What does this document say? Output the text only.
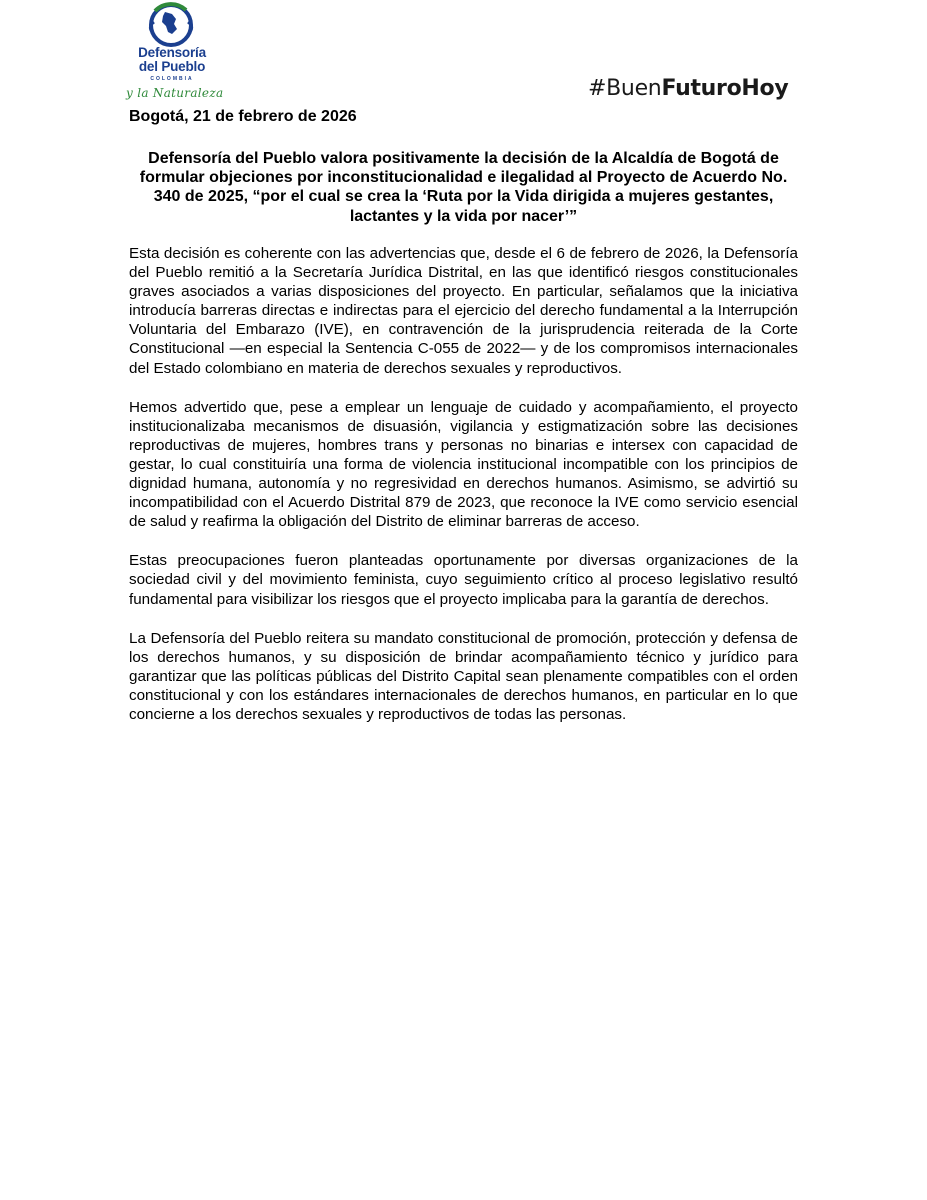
Defensoría
del Pueblo
COLOMBIA
y la Naturaleza	#BuenFuturoHoy
Bogotá, 21 de febrero de 2026
Defensoría del Pueblo valora positivamente la decisión de la Alcaldía de Bogotá de formular objeciones por inconstitucionalidad e ilegalidad al Proyecto de Acuerdo No. 340 de 2025, “por el cual se crea la ‘Ruta por la Vida dirigida a mujeres gestantes, lactantes y la vida por nacer’”

Esta decisión es coherente con las advertencias que, desde el 6 de febrero de 2026, la Defensoría del Pueblo remitió a la Secretaría Jurídica Distrital, en las que identificó riesgos constitucionales graves asociados a varias disposiciones del proyecto. En particular, señalamos que la iniciativa introducía barreras directas e indirectas para el ejercicio del derecho fundamental a la Interrupción Voluntaria del Embarazo (IVE), en contravención de la jurisprudencia reiterada de la Corte Constitucional —en especial la Sentencia C-055 de 2022— y de los compromisos internacionales del Estado colombiano en materia de derechos sexuales y reproductivos.

Hemos advertido que, pese a emplear un lenguaje de cuidado y acompañamiento, el proyecto institucionalizaba mecanismos de disuasión, vigilancia y estigmatización sobre las decisiones reproductivas de mujeres, hombres trans y personas no binarias e intersex con capacidad de gestar, lo cual constituiría una forma de violencia institucional incompatible con los principios de dignidad humana, autonomía y no regresividad en derechos humanos. Asimismo, se advirtió su incompatibilidad con el Acuerdo Distrital 879 de 2023, que reconoce la IVE como servicio esencial de salud y reafirma la obligación del Distrito de eliminar barreras de acceso.

Estas preocupaciones fueron planteadas oportunamente por diversas organizaciones de la sociedad civil y del movimiento feminista, cuyo seguimiento crítico al proceso legislativo resultó fundamental para visibilizar los riesgos que el proyecto implicaba para la garantía de derechos.

La Defensoría del Pueblo reitera su mandato constitucional de promoción, protección y defensa de los derechos humanos, y su disposición de brindar acompañamiento técnico y jurídico para garantizar que las políticas públicas del Distrito Capital sean plenamente compatibles con el orden constitucional y con los estándares internacionales de derechos humanos, en particular en lo que concierne a los derechos sexuales y reproductivos de todas las personas.
